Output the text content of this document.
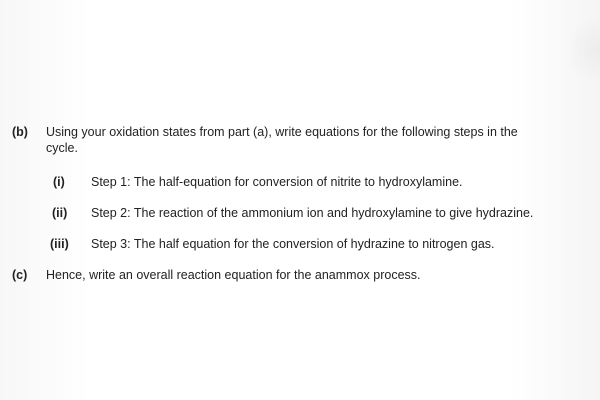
(b) Using your oxidation states from part (a), write equations for the following steps in the
cycle.
(i) Step 1: The half-equation for conversion of nitrite to hydroxylamine.
(ii) Step 2: The reaction of the ammonium ion and hydroxylamine to give hydrazine.
(iii) Step 3: The half equation for the conversion of hydrazine to nitrogen gas.
(c) Hence, write an overall reaction equation for the anammox process.
